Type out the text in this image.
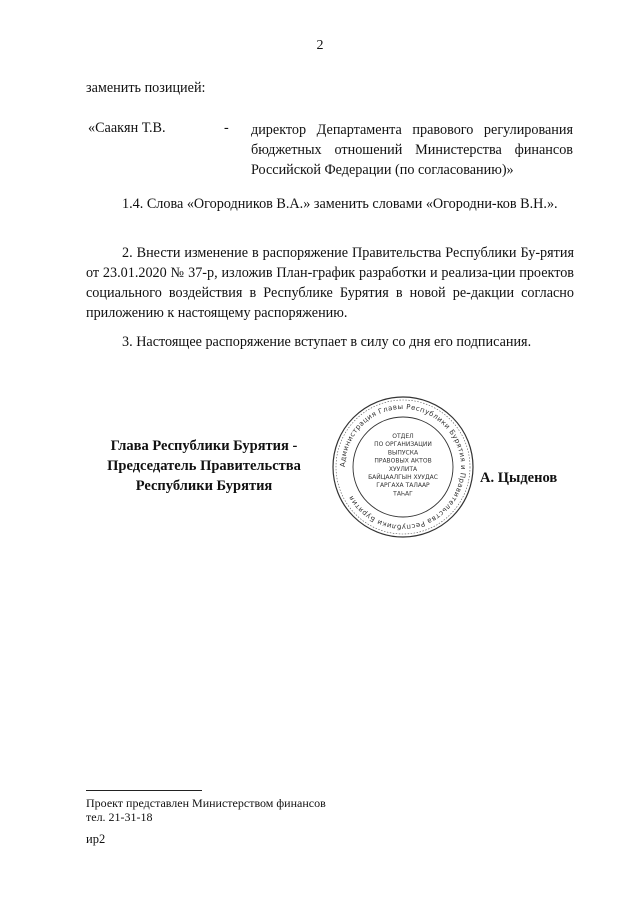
2
заменить позицией:
«Саакян Т.В.	- директор Департамента правового регулирования бюджетных отношений Министерства финансов Российской Федерации (по согласованию)»
1.4. Слова «Огородников В.А.» заменить словами «Огородни-ков В.Н.».
2. Внести изменение в распоряжение Правительства Республики Бу-рятия от 23.01.2020 № 37-р, изложив План-график разработки и реализа-ции проектов социального воздействия в Республике Бурятия в новой ре-дакции согласно приложению к настоящему распоряжению.
3. Настоящее распоряжение вступает в силу со дня его подписания.
Глава Республики Бурятия -
Председатель Правительства
Республики Бурятия
Администрация Главы Республики Бурятия и Правительства Республики Бурятия
ОТДЕЛ
ПО ОРГАНИЗАЦИИ
ВЫПУСКА
ПРАВОВЫХ АКТОВ
ХУУЛИТА
БАЙЦААЛГЫН ХУУДАС
ГАРГАХА ТАЛААР
ТАҺАГ
А. Цыденов
Проект представлен Министерством финансов
тел. 21-31-18
ир2
